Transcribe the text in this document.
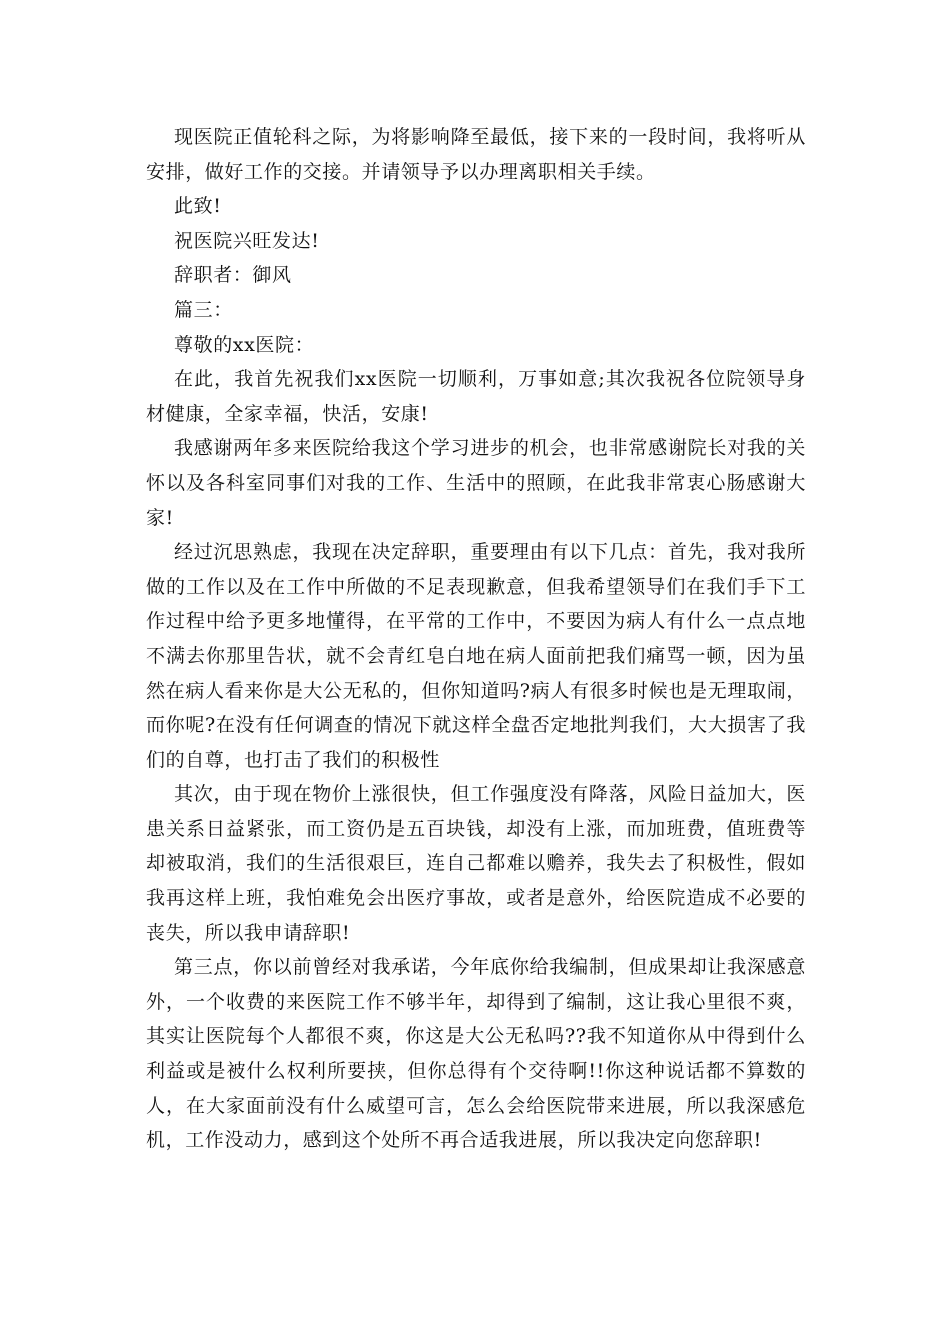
现医院正值轮科之际，为将影响降至最低，接下来的一段时间，我将听从安排，做好工作的交接。并请领导予以办理离职相关手续。

此致!

祝医院兴旺发达!

辞职者：御风

篇三：

尊敬的xx医院：

在此，我首先祝我们xx医院一切顺利，万事如意;其次我祝各位院领导身材健康，全家幸福，快活，安康!

我感谢两年多来医院给我这个学习进步的机会，也非常感谢院长对我的关怀以及各科室同事们对我的工作、生活中的照顾，在此我非常衷心肠感谢大家!

经过沉思熟虑，我现在决定辞职，重要理由有以下几点：首先，我对我所做的工作以及在工作中所做的不足表现歉意，但我希望领导们在我们手下工作过程中给予更多地懂得，在平常的工作中，不要因为病人有什么一点点地不满去你那里告状，就不会青红皂白地在病人面前把我们痛骂一顿，因为虽然在病人看来你是大公无私的，但你知道吗?病人有很多时候也是无理取闹，而你呢?在没有任何调查的情况下就这样全盘否定地批判我们，大大损害了我们的自尊，也打击了我们的积极性

其次，由于现在物价上涨很快，但工作强度没有降落，风险日益加大，医患关系日益紧张，而工资仍是五百块钱，却没有上涨，而加班费，值班费等却被取消，我们的生活很艰巨，连自己都难以赡养，我失去了积极性，假如我再这样上班，我怕难免会出医疗事故，或者是意外，给医院造成不必要的丧失，所以我申请辞职!

第三点，你以前曾经对我承诺，今年底你给我编制，但成果却让我深感意外，一个收费的来医院工作不够半年，却得到了编制，这让我心里很不爽，其实让医院每个人都很不爽，你这是大公无私吗??我不知道你从中得到什么利益或是被什么权利所要挟，但你总得有个交待啊!!你这种说话都不算数的人，在大家面前没有什么威望可言，怎么会给医院带来进展，所以我深感危机，工作没动力，感到这个处所不再合适我进展，所以我决定向您辞职!
